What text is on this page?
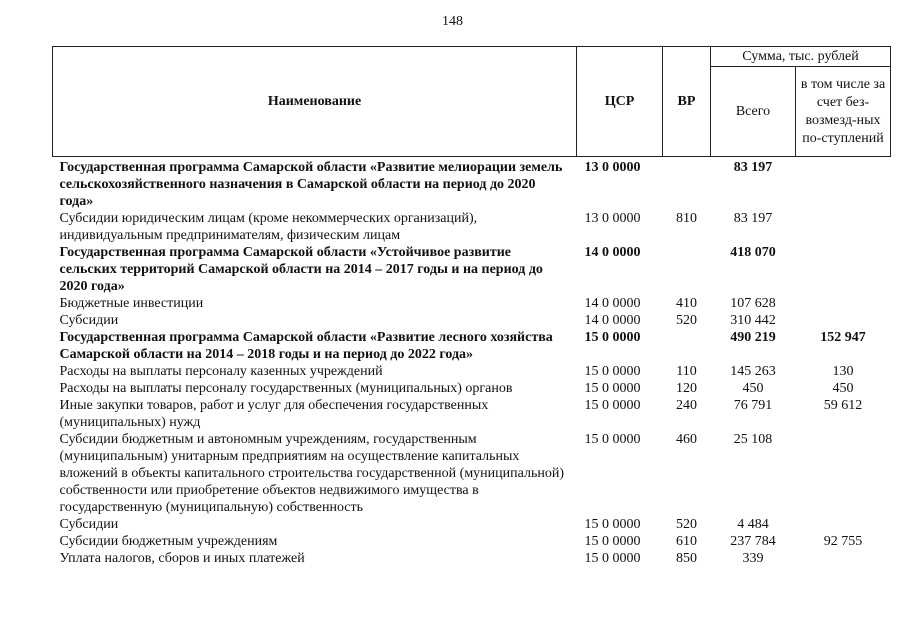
148
Наименование	ЦСР	ВР	Сумма, тыс. рублей	
			Всего	в том числе за счет без-возмезд-ных по-ступлений
Государственная программа Самарской области «Развитие мелиорации земель сельскохозяйственного назначения в Самарской области на период до 2020 года»	13 0 0000		83 197	
Субсидии юридическим лицам (кроме некоммерческих организаций), индивидуальным предпринимателям, физическим лицам	13 0 0000	810	83 197	
Государственная программа Самарской области «Устойчивое развитие сельских территорий Самарской области на 2014 – 2017 годы и на период до 2020 года»	14 0 0000		418 070	
Бюджетные инвестиции	14 0 0000	410	107 628	
Субсидии	14 0 0000	520	310 442	
Государственная программа Самарской области «Развитие лесного хозяйства Самарской области на 2014 – 2018 годы и на период до 2022 года»	15 0 0000		490 219	152 947
Расходы на выплаты персоналу казенных учреждений	15 0 0000	110	145 263	130
Расходы на выплаты персоналу государственных (муниципальных) органов	15 0 0000	120	450	450
Иные закупки товаров, работ и услуг для обеспечения государственных (муниципальных) нужд	15 0 0000	240	76 791	59 612
Субсидии бюджетным и автономным учреждениям, государственным (муниципальным) унитарным предприятиям на осуществление капитальных вложений в объекты капитального строительства государственной (муниципальной) собственности или приобретение объектов недвижимого имущества в государственную (муниципальную) собственность	15 0 0000	460	25 108	
Субсидии	15 0 0000	520	4 484	
Субсидии бюджетным учреждениям	15 0 0000	610	237 784	92 755
Уплата налогов, сборов и иных платежей	15 0 0000	850	339	
